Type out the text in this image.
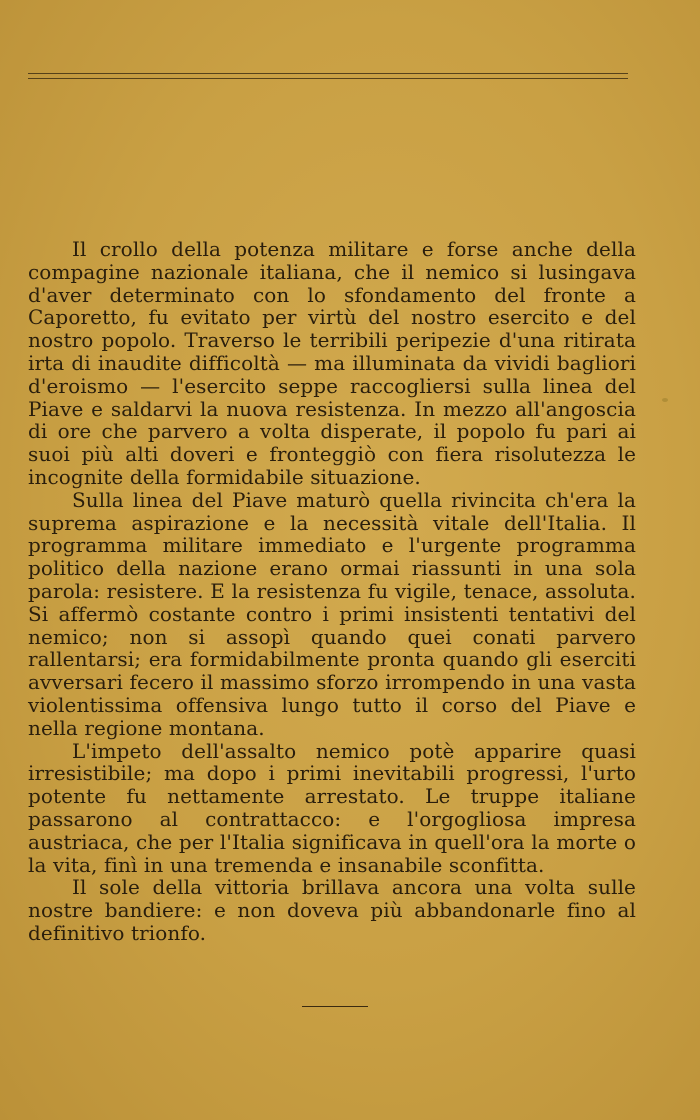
Il crollo della potenza militare e forse anche della compagine nazionale italiana, che il nemico si lusingava d'aver determinato con lo sfondamento del fronte a Caporetto, fu evitato per virtù del nostro esercito e del nostro popolo. Traverso le terribili peripezie d'una ritirata irta di inaudite difficoltà — ma illuminata da vividi bagliori d'eroismo — l'esercito seppe raccogliersi sulla linea del Piave e saldarvi la nuova resistenza. In mezzo all'angoscia di ore che parvero a volta disperate, il popolo fu pari ai suoi più alti doveri e fronteggiò con fiera risolutezza le incognite della formidabile situazione.

Sulla linea del Piave maturò quella rivincita ch'era la suprema aspirazione e la necessità vitale dell'Italia. Il programma militare immediato e l'urgente programma politico della nazione erano ormai riassunti in una sola parola: resistere. E la resistenza fu vigile, tenace, assoluta. Si affermò costante contro i primi insistenti tentativi del nemico; non si assopì quando quei conati parvero rallentarsi; era formidabilmente pronta quando gli eserciti avversari fecero il massimo sforzo irrompendo in una vasta violentissima offensiva lungo tutto il corso del Piave e nella regione montana.

L'impeto dell'assalto nemico potè apparire quasi irresistibile; ma dopo i primi inevitabili progressi, l'urto potente fu nettamente arrestato. Le truppe italiane passarono al contrattacco: e l'orgogliosa impresa austriaca, che per l'Italia significava in quell'ora la morte o la vita, finì in una tremenda e insanabile sconfitta.

Il sole della vittoria brillava ancora una volta sulle nostre bandiere: e non doveva più abbandonarle fino al definitivo trionfo.
